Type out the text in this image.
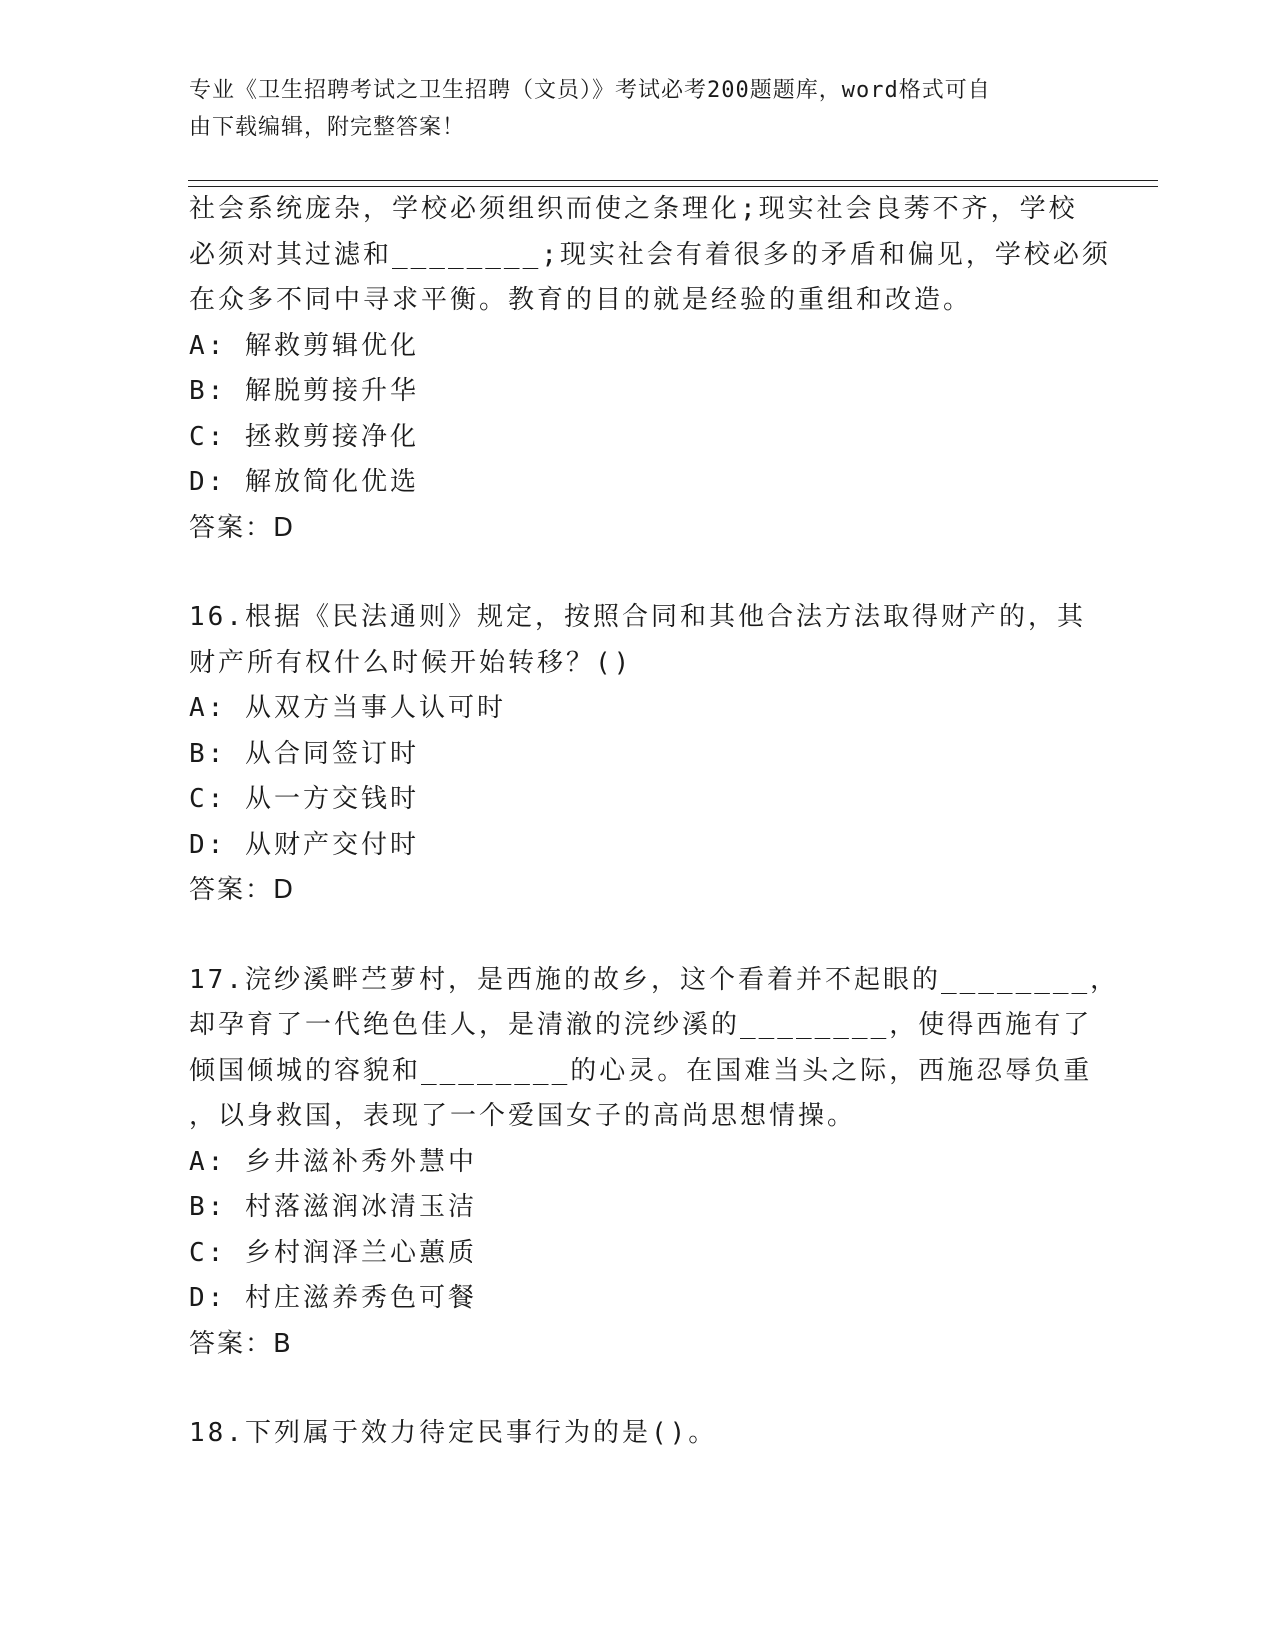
专业《卫生招聘考试之卫生招聘（文员）》考试必考200题题库，word格式可自
由下载编辑，附完整答案！
社会系统庞杂，学校必须组织而使之条理化;现实社会良莠不齐，学校
必须对其过滤和________;现实社会有着很多的矛盾和偏见，学校必须
在众多不同中寻求平衡。教育的目的就是经验的重组和改造。
A: 解救剪辑优化
B: 解脱剪接升华
C: 拯救剪接净化
D: 解放简化优选
答案：D
16.根据《民法通则》规定，按照合同和其他合法方法取得财产的，其
财产所有权什么时候开始转移？()
A: 从双方当事人认可时
B: 从合同签订时
C: 从一方交钱时
D: 从财产交付时
答案：D
17.浣纱溪畔苎萝村，是西施的故乡，这个看着并不起眼的________，
却孕育了一代绝色佳人，是清澈的浣纱溪的________，使得西施有了
倾国倾城的容貌和________的心灵。在国难当头之际，西施忍辱负重
，以身救国，表现了一个爱国女子的高尚思想情操。
A: 乡井滋补秀外慧中
B: 村落滋润冰清玉洁
C: 乡村润泽兰心蕙质
D: 村庄滋养秀色可餐
答案：B
18.下列属于效力待定民事行为的是()。
